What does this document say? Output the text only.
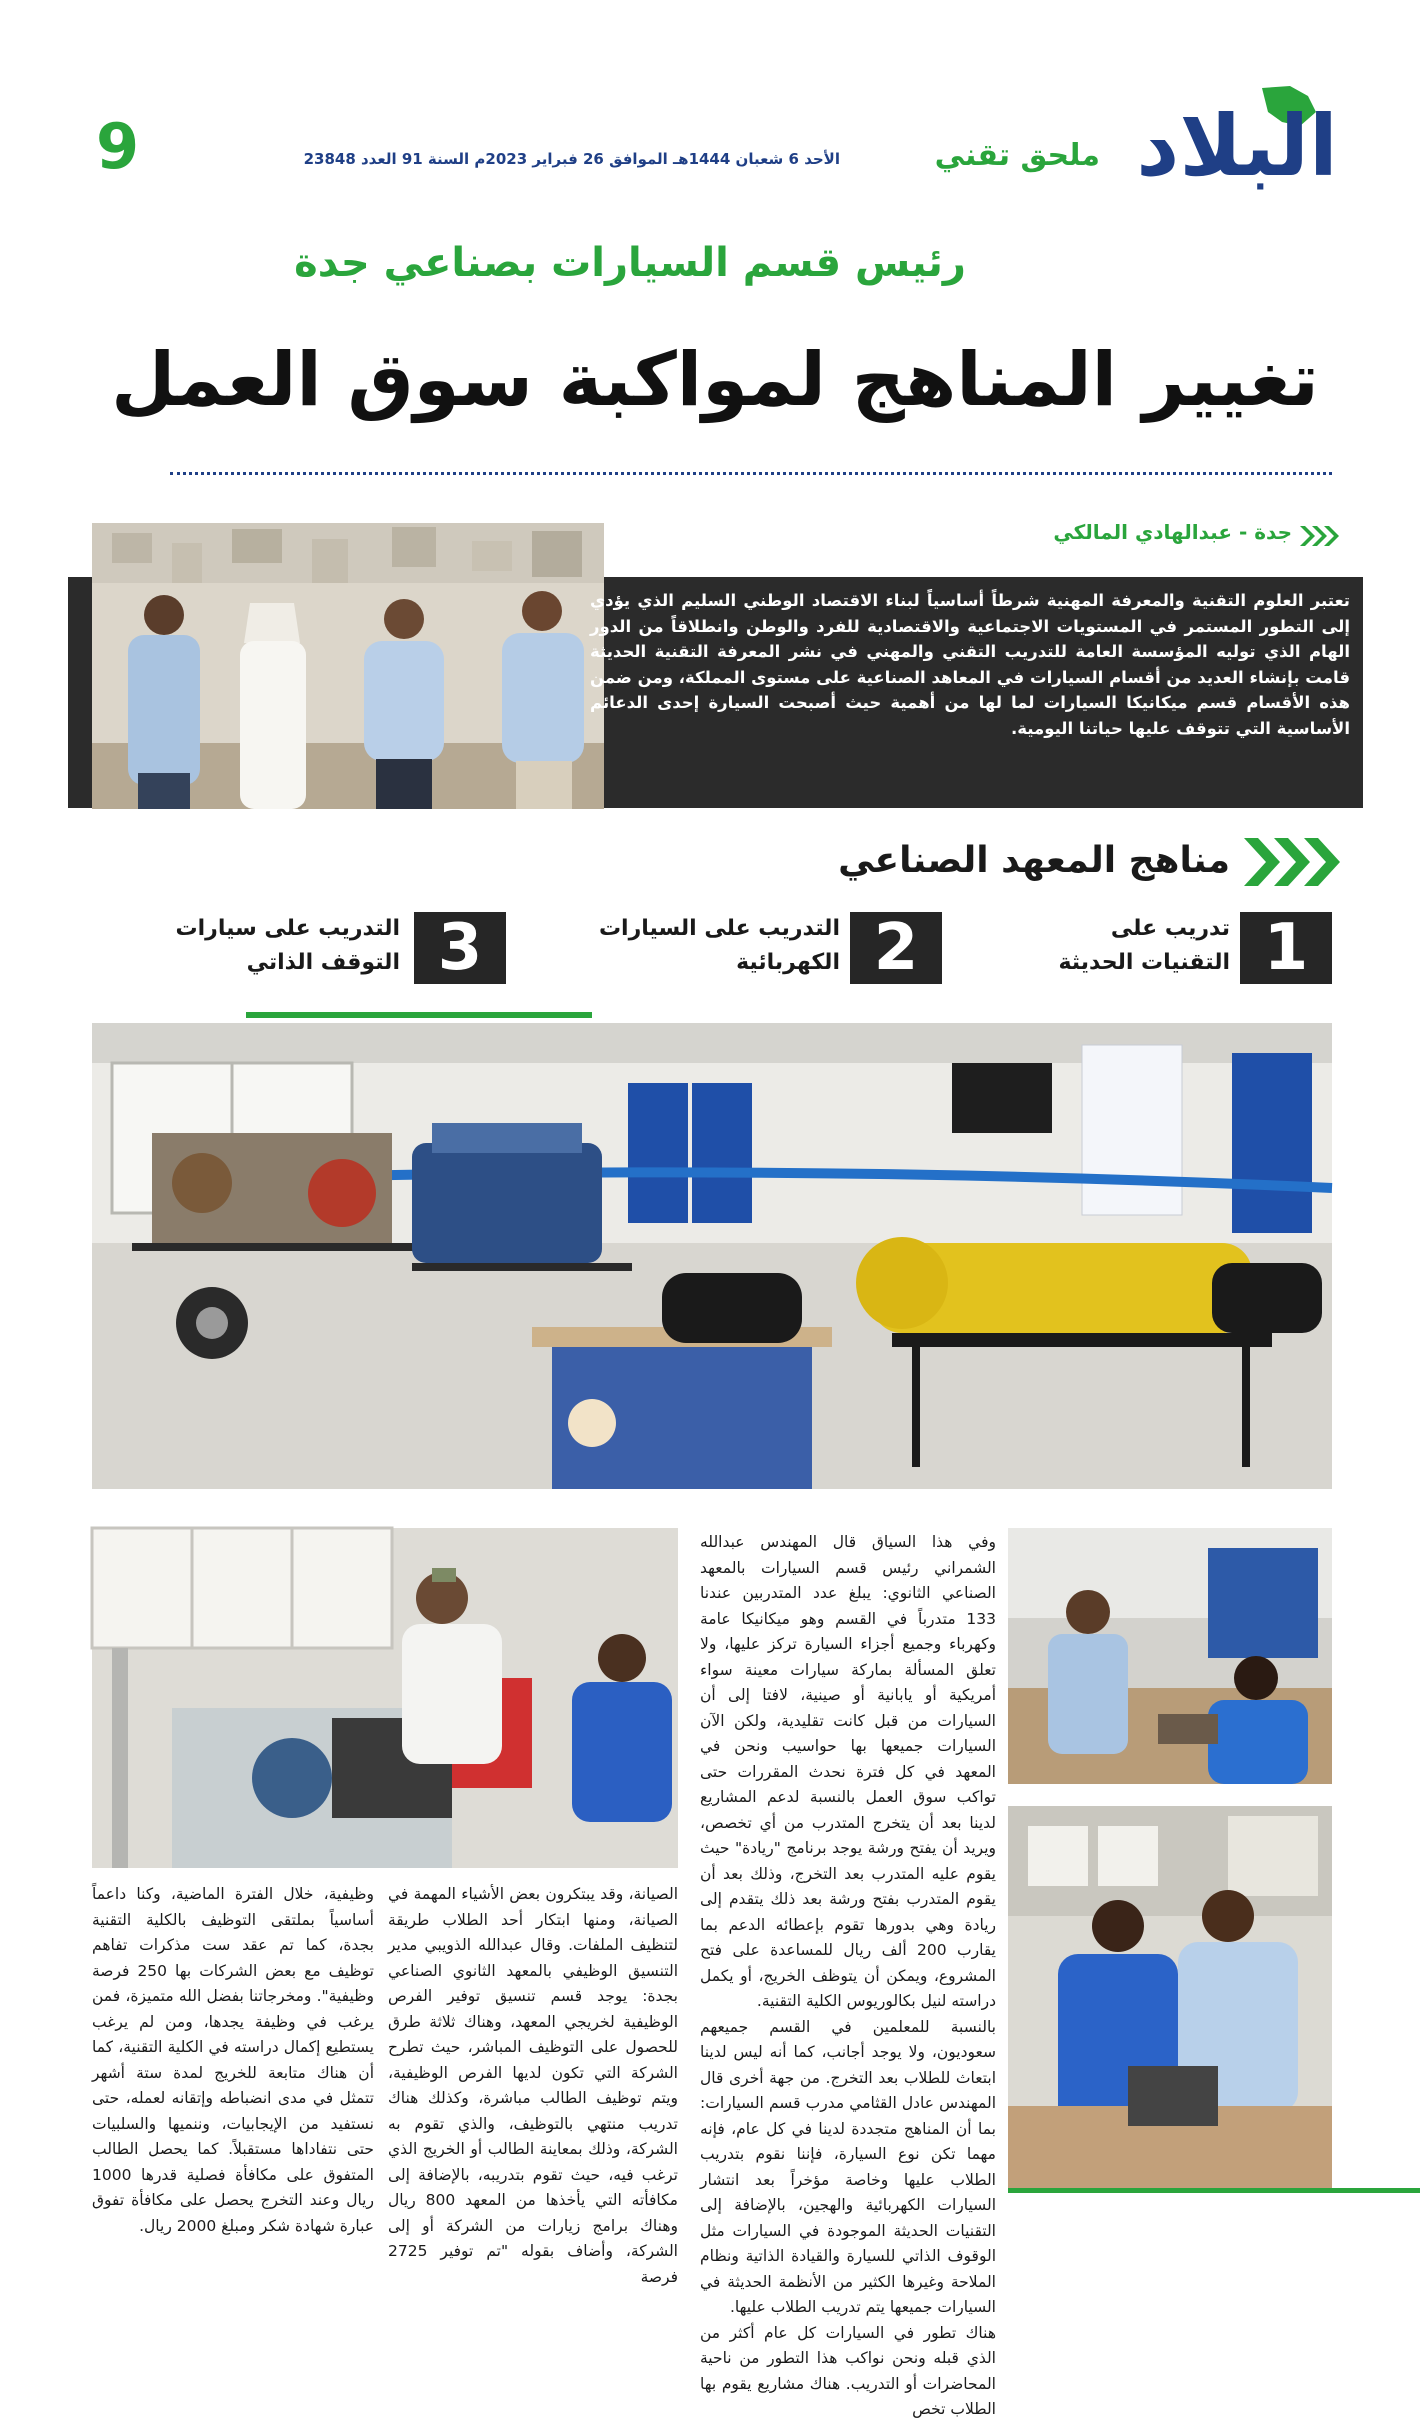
البلاد
ملحق تقني
الأحد 6 شعبان 1444هـ الموافق 26 فبراير 2023م السنة 91 العدد 23848
9
رئيس قسم السيارات بصناعي جدة
تغيير المناهج لمواكبة سوق العمل
جدة - عبدالهادي المالكي
تعتبر العلوم التقنية والمعرفة المهنية شرطاً أساسياً لبناء الاقتصاد الوطني السليم الذي يؤدي إلى التطور المستمر في المستويات الاجتماعية والاقتصادية للفرد والوطن وانطلاقاً من الدور الهام الذي توليه المؤسسة العامة للتدريب التقني والمهني في نشر المعرفة التقنية الحديثة قامت بإنشاء العديد من أقسام السيارات في المعاهد الصناعية على مستوى المملكة، ومن ضمن هذه الأقسام قسم ميكانيكا السيارات لما لها من أهمية حيث أصبحت السيارة إحدى الدعائم الأساسية التي تتوقف عليها حياتنا اليومية.
مناهج المعهد الصناعي
1
تدريب على
التقنيات الحديثة
2
التدريب على السيارات
الكهربائية
3
التدريب على سيارات
التوقف الذاتي

وفي هذا السياق قال المهندس عبدالله الشمراني رئيس قسم السيارات بالمعهد الصناعي الثانوي: يبلغ عدد المتدربين عندنا 133 متدرباً في القسم وهو ميكانيكا عامة وكهرباء وجميع أجزاء السيارة تركز عليها، ولا تعلق المسألة بماركة سيارات معينة سواء أمريكية أو يابانية أو صينية، لافتا إلى أن السيارات من قبل كانت تقليدية، ولكن الآن السيارات جميعها بها حواسيب ونحن في المعهد في كل فترة نحدث المقررات حتى تواكب سوق العمل بالنسبة لدعم المشاريع لدينا بعد أن يتخرج المتدرب من أي تخصص، ويريد أن يفتح ورشة يوجد برنامج "ريادة" حيث يقوم عليه المتدرب بعد التخرج، وذلك بعد أن يقوم المتدرب بفتح ورشة بعد ذلك يتقدم إلى ريادة وهي بدورها تقوم بإعطائه الدعم بما يقارب 200 ألف ريال للمساعدة على فتح المشروع، ويمكن أن يتوظف الخريج، أو يكمل دراسته لنيل بكالوريوس الكلية التقنية.

بالنسبة للمعلمين في القسم جميعهم سعوديون، ولا يوجد أجانب، كما أنه ليس لدينا ابتعاث للطلاب بعد التخرج. من جهة أخرى قال المهندس عادل القثامي مدرب قسم السيارات: بما أن المناهج متجددة لدينا في كل عام، فإنه مهما تكن نوع السيارة، فإننا نقوم بتدريب الطلاب عليها وخاصة مؤخراً بعد انتشار السيارات الكهربائية والهجين، بالإضافة إلى التقنيات الحديثة الموجودة في السيارات مثل الوقوف الذاتي للسيارة والقيادة الذاتية ونظام الملاحة وغيرها الكثير من الأنظمة الحديثة في السيارات جميعها يتم تدريب الطلاب عليها.

هناك تطور في السيارات كل عام أكثر من الذي قبله ونحن نواكب هذا التطور من ناحية المحاضرات أو التدريب. هناك مشاريع يقوم بها الطلاب تخص

الصيانة، وقد يبتكرون بعض الأشياء المهمة في الصيانة، ومنها ابتكار أحد الطلاب طريقة لتنظيف الملفات. وقال عبدالله الذويبي مدير التنسيق الوظيفي بالمعهد الثانوي الصناعي بجدة: يوجد قسم تنسيق توفير الفرص الوظيفية لخريجي المعهد، وهناك ثلاثة طرق للحصول على التوظيف المباشر، حيث تطرح الشركة التي تكون لديها الفرص الوظيفية، ويتم توظيف الطالب مباشرة، وكذلك هناك تدريب منتهي بالتوظيف، والذي تقوم به الشركة، وذلك بمعاينة الطالب أو الخريج الذي ترغب فيه، حيث تقوم بتدريبه، بالإضافة إلى مكافأته التي يأخذها من المعهد 800 ريال وهناك برامج زيارات من الشركة أو إلى الشركة، وأضاف بقوله "تم توفير 2725 فرصة

وظيفية، خلال الفترة الماضية، وكنا داعماً أساسياً بملتقى التوظيف بالكلية التقنية بجدة، كما تم عقد ست مذكرات تفاهم توظيف مع بعض الشركات بها 250 فرصة وظيفية". ومخرجاتنا بفضل الله متميزة، فمن يرغب في وظيفة يجدها، ومن لم يرغب يستطيع إكمال دراسته في الكلية التقنية، كما أن هناك متابعة للخريج لمدة ستة أشهر تتمثل في مدى انضباطه وإتقانه لعمله، حتى نستفيد من الإيجابيات، وننميها والسلبيات حتى نتفاداها مستقبلاً. كما يحصل الطالب المتفوق على مكافأة فصلية قدرها 1000 ريال وعند التخرج يحصل على مكافأة تفوق عبارة شهادة شكر ومبلغ 2000 ريال.
